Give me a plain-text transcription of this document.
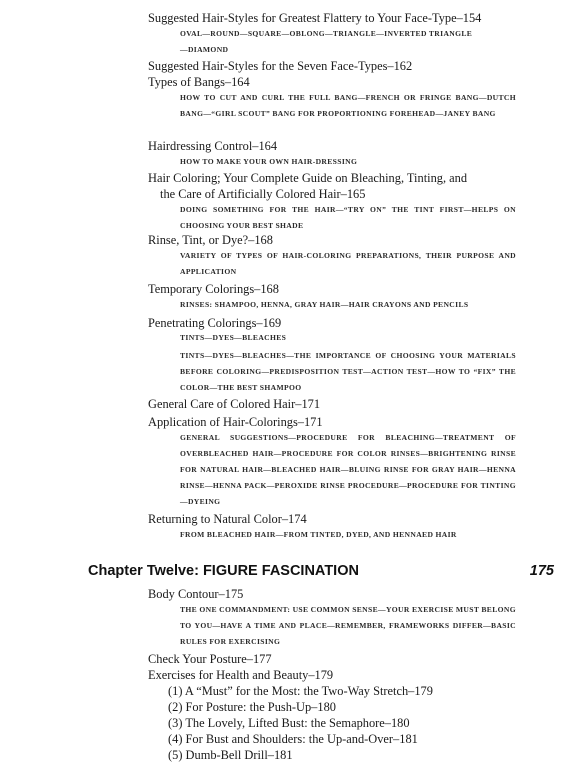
Suggested Hair-Styles for Greatest Flattery to Your Face-Type–154
OVAL—ROUND—SQUARE—OBLONG—TRIANGLE—INVERTED TRIANGLE
—DIAMOND
Suggested Hair-Styles for the Seven Face-Types–162
Types of Bangs–164
HOW TO CUT AND CURL THE FULL BANG—FRENCH OR FRINGE BANG—DUTCH BANG—“GIRL SCOUT” BANG FOR PROPORTIONING FOREHEAD—JANEY BANG
Hairdressing Control–164
HOW TO MAKE YOUR OWN HAIR-DRESSING
Hair Coloring; Your Complete Guide on Bleaching, Tinting, and
the Care of Artificially Colored Hair–165
DOING SOMETHING FOR THE HAIR—“TRY ON” THE TINT FIRST—HELPS ON CHOOSING YOUR BEST SHADE
Rinse, Tint, or Dye?–168
VARIETY OF TYPES OF HAIR-COLORING PREPARATIONS, THEIR PURPOSE AND APPLICATION
Temporary Colorings–168
RINSES: SHAMPOO, HENNA, GRAY HAIR—HAIR CRAYONS AND PENCILS
Penetrating Colorings–169
TINTS—DYES—BLEACHES
TINTS—DYES—BLEACHES—THE IMPORTANCE OF CHOOSING YOUR MATERIALS BEFORE COLORING—PREDISPOSITION TEST—ACTION TEST—HOW TO “FIX” THE COLOR—THE BEST SHAMPOO
General Care of Colored Hair–171
Application of Hair-Colorings–171
GENERAL SUGGESTIONS—PROCEDURE FOR BLEACHING—TREATMENT OF OVERBLEACHED HAIR—PROCEDURE FOR COLOR RINSES—BRIGHTENING RINSE FOR NATURAL HAIR—BLEACHED HAIR—BLUING RINSE FOR GRAY HAIR—HENNA RINSE—HENNA PACK—PEROXIDE RINSE PROCEDURE—PROCEDURE FOR TINTING—DYEING
Returning to Natural Color–174
FROM BLEACHED HAIR—FROM TINTED, DYED, AND HENNAED HAIR
Chapter Twelve: FIGURE FASCINATION	175
Body Contour–175
THE ONE COMMANDMENT: USE COMMON SENSE—YOUR EXERCISE MUST BELONG TO YOU—HAVE A TIME AND PLACE—REMEMBER, FRAMEWORKS DIFFER—BASIC RULES FOR EXERCISING
Check Your Posture–177
Exercises for Health and Beauty–179
(1) A “Must” for the Most: the Two-Way Stretch–179
(2) For Posture: the Push-Up–180
(3) The Lovely, Lifted Bust: the Semaphore–180
(4) For Bust and Shoulders: the Up-and-Over–181
(5) Dumb-Bell Drill–181
